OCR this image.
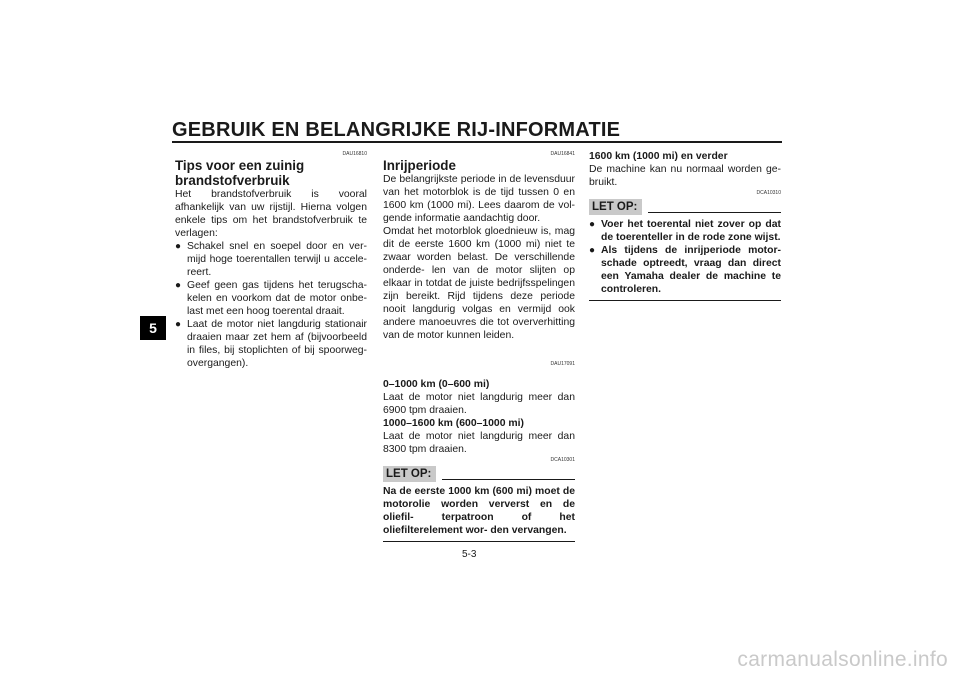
GEBRUIK EN BELANGRIJKE RIJ-INFORMATIE
5
DAU16810
Tips voor een zuinig brandstofverbruik

Het brandstofverbruik is vooral afhankelijk van uw rijstijl. Hierna volgen enkele tips om het brandstofverbruik te verlagen:

● Schakel snel en soepel door en ver- mijd hoge toerentallen terwijl u accele- reert.
● Geef geen gas tijdens het terugscha- kelen en voorkom dat de motor onbe- last met een hoog toerental draait.
● Laat de motor niet langdurig stationair draaien maar zet hem af (bijvoorbeeld in files, bij stoplichten of bij spoorweg- overgangen).
DAU16841
Inrijperiode

De belangrijkste periode in de levensduur van het motorblok is de tijd tussen 0 en 1600 km (1000 mi). Lees daarom de vol- gende informatie aandachtig door.

Omdat het motorblok gloednieuw is, mag dit de eerste 1600 km (1000 mi) niet te zwaar worden belast. De verschillende onderde- len van de motor slijten op elkaar in totdat de juiste bedrijfsspelingen zijn bereikt. Rijd tijdens deze periode nooit langdurig volgas en vermijd ook andere manoeuvres die tot oververhitting van de motor kunnen leiden.

DAU17091

0–1000 km (0–600 mi)

Laat de motor niet langdurig meer dan 6900 tpm draaien.

1000–1600 km (600–1000 mi)

Laat de motor niet langdurig meer dan 8300 tpm draaien.

DCA10301
LET OP:
Na de eerste 1000 km (600 mi) moet de motorolie worden ververst en de oliefil- terpatroon of het oliefilterelement wor- den vervangen.

1600 km (1000 mi) en verder

De machine kan nu normaal worden ge- bruikt.

DCA10310
LET OP:
● Voer het toerental niet zover op dat de toerenteller in de rode zone wijst.
● Als tijdens de inrijperiode motor- schade optreedt, vraag dan direct een Yamaha dealer de machine te controleren.
5-3
carmanualsonline.info
